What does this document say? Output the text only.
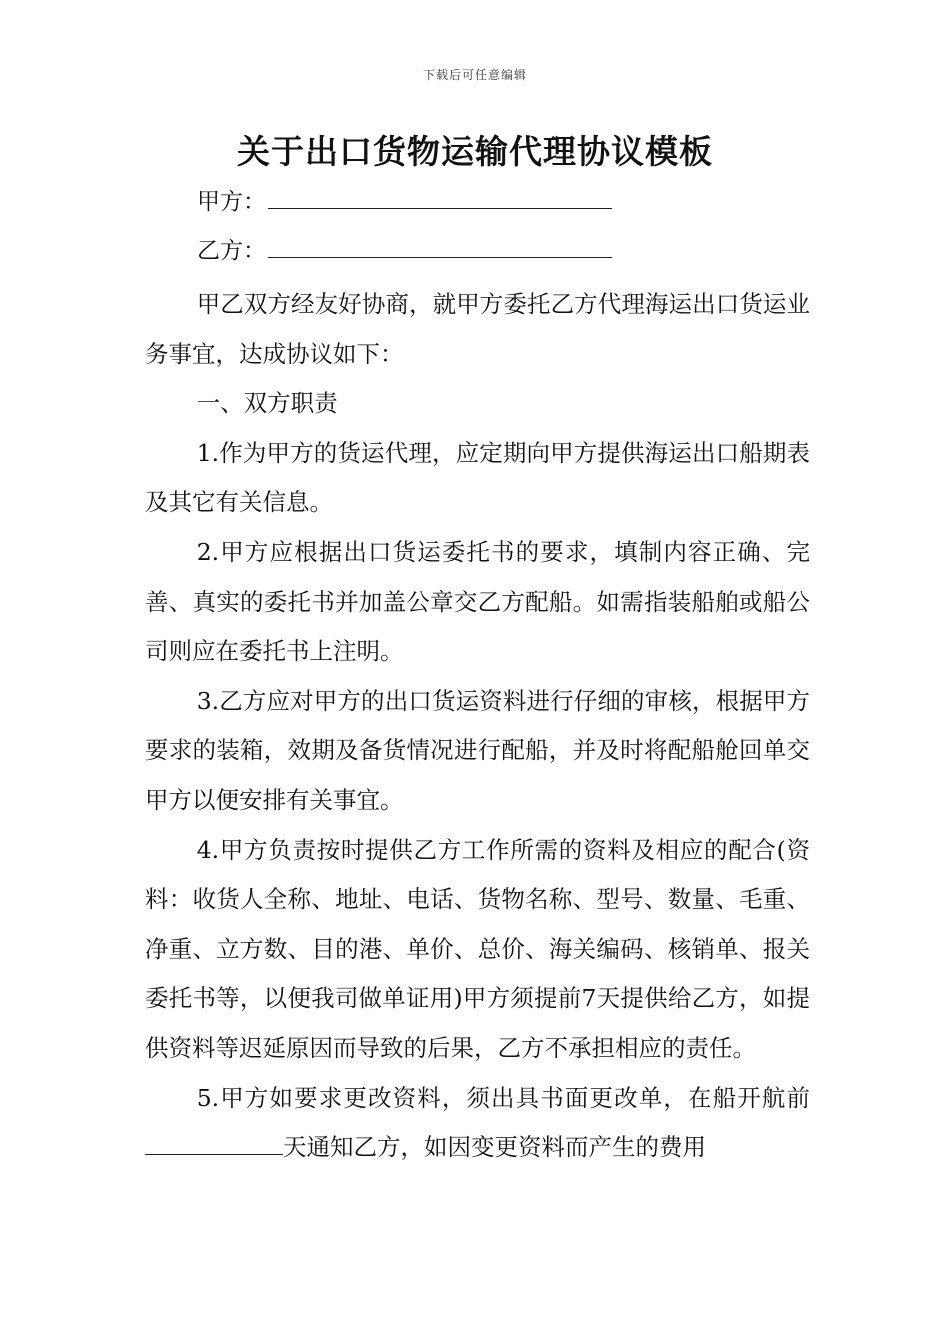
下载后可任意编辑
关于出口货物运输代理协议模板
甲方：
乙方：

甲乙双方经友好协商，就甲方委托乙方代理海运出口货运业务事宜，达成协议如下：

一、双方职责

1.作为甲方的货运代理，应定期向甲方提供海运出口船期表及其它有关信息。

2.甲方应根据出口货运委托书的要求，填制内容正确、完善、真实的委托书并加盖公章交乙方配船。如需指装船舶或船公司则应在委托书上注明。

3.乙方应对甲方的出口货运资料进行仔细的审核，根据甲方要求的装箱，效期及备货情况进行配船，并及时将配船舱回单交甲方以便安排有关事宜。

4.甲方负责按时提供乙方工作所需的资料及相应的配合(资料：收货人全称、地址、电话、货物名称、型号、数量、毛重、净重、立方数、目的港、单价、总价、海关编码、核销单、报关委托书等，以便我司做单证用)甲方须提前7天提供给乙方，如提供资料等迟延原因而导致的后果，乙方不承担相应的责任。

5.甲方如要求更改资料，须出具书面更改单，在船开航前天通知乙方，如因变更资料而产生的费用
